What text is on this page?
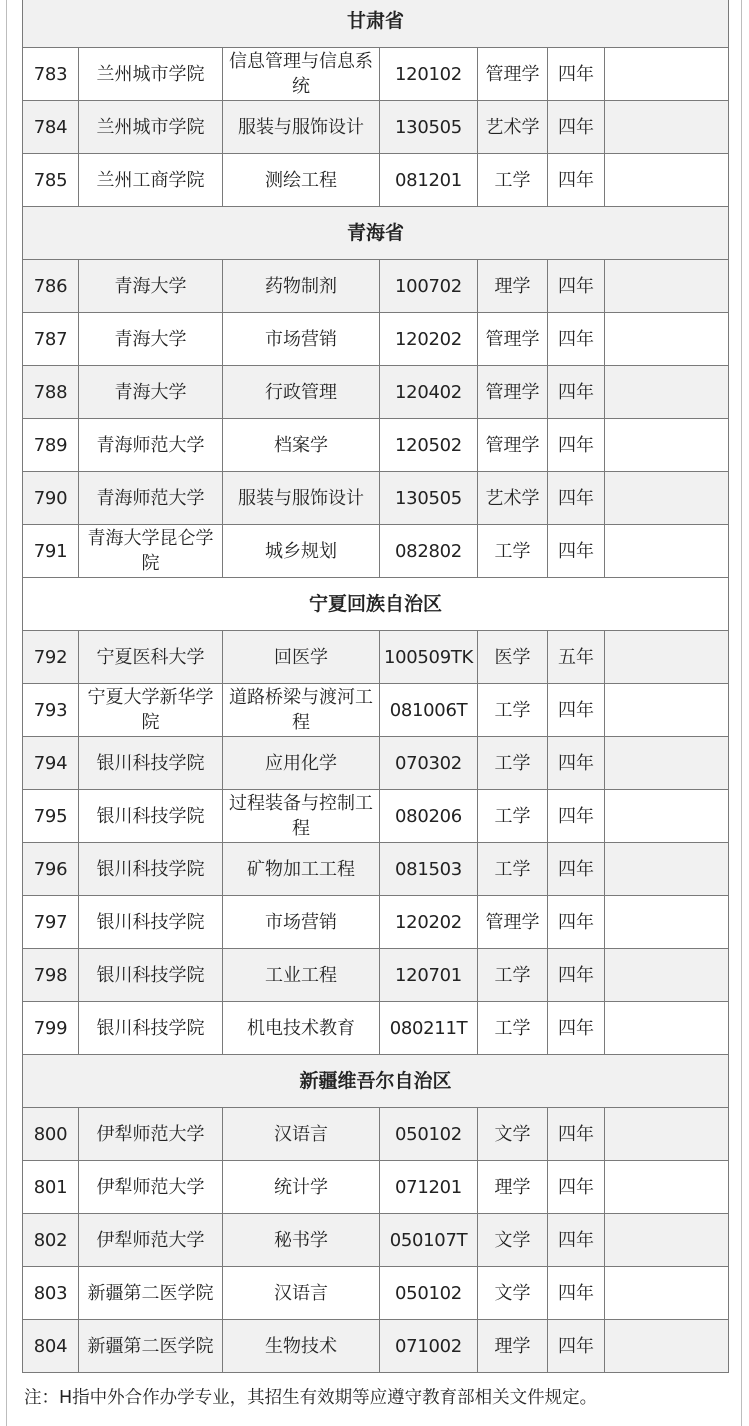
甘肃省						
783	兰州城市学院	信息管理与信息系统	120102	管理学	四年	
784	兰州城市学院	服装与服饰设计	130505	艺术学	四年	
785	兰州工商学院	测绘工程	081201	工学	四年	
青海省						
786	青海大学	药物制剂	100702	理学	四年	
787	青海大学	市场营销	120202	管理学	四年	
788	青海大学	行政管理	120402	管理学	四年	
789	青海师范大学	档案学	120502	管理学	四年	
790	青海师范大学	服装与服饰设计	130505	艺术学	四年	
791	青海大学昆仑学院	城乡规划	082802	工学	四年	
宁夏回族自治区						
792	宁夏医科大学	回医学	100509TK	医学	五年	
793	宁夏大学新华学院	道路桥梁与渡河工程	081006T	工学	四年	
794	银川科技学院	应用化学	070302	工学	四年	
795	银川科技学院	过程装备与控制工程	080206	工学	四年	
796	银川科技学院	矿物加工工程	081503	工学	四年	
797	银川科技学院	市场营销	120202	管理学	四年	
798	银川科技学院	工业工程	120701	工学	四年	
799	银川科技学院	机电技术教育	080211T	工学	四年	
新疆维吾尔自治区						
800	伊犁师范大学	汉语言	050102	文学	四年	
801	伊犁师范大学	统计学	071201	理学	四年	
802	伊犁师范大学	秘书学	050107T	文学	四年	
803	新疆第二医学院	汉语言	050102	文学	四年	
804	新疆第二医学院	生物技术	071002	理学	四年	
注：H指中外合作办学专业，其招生有效期等应遵守教育部相关文件规定。
